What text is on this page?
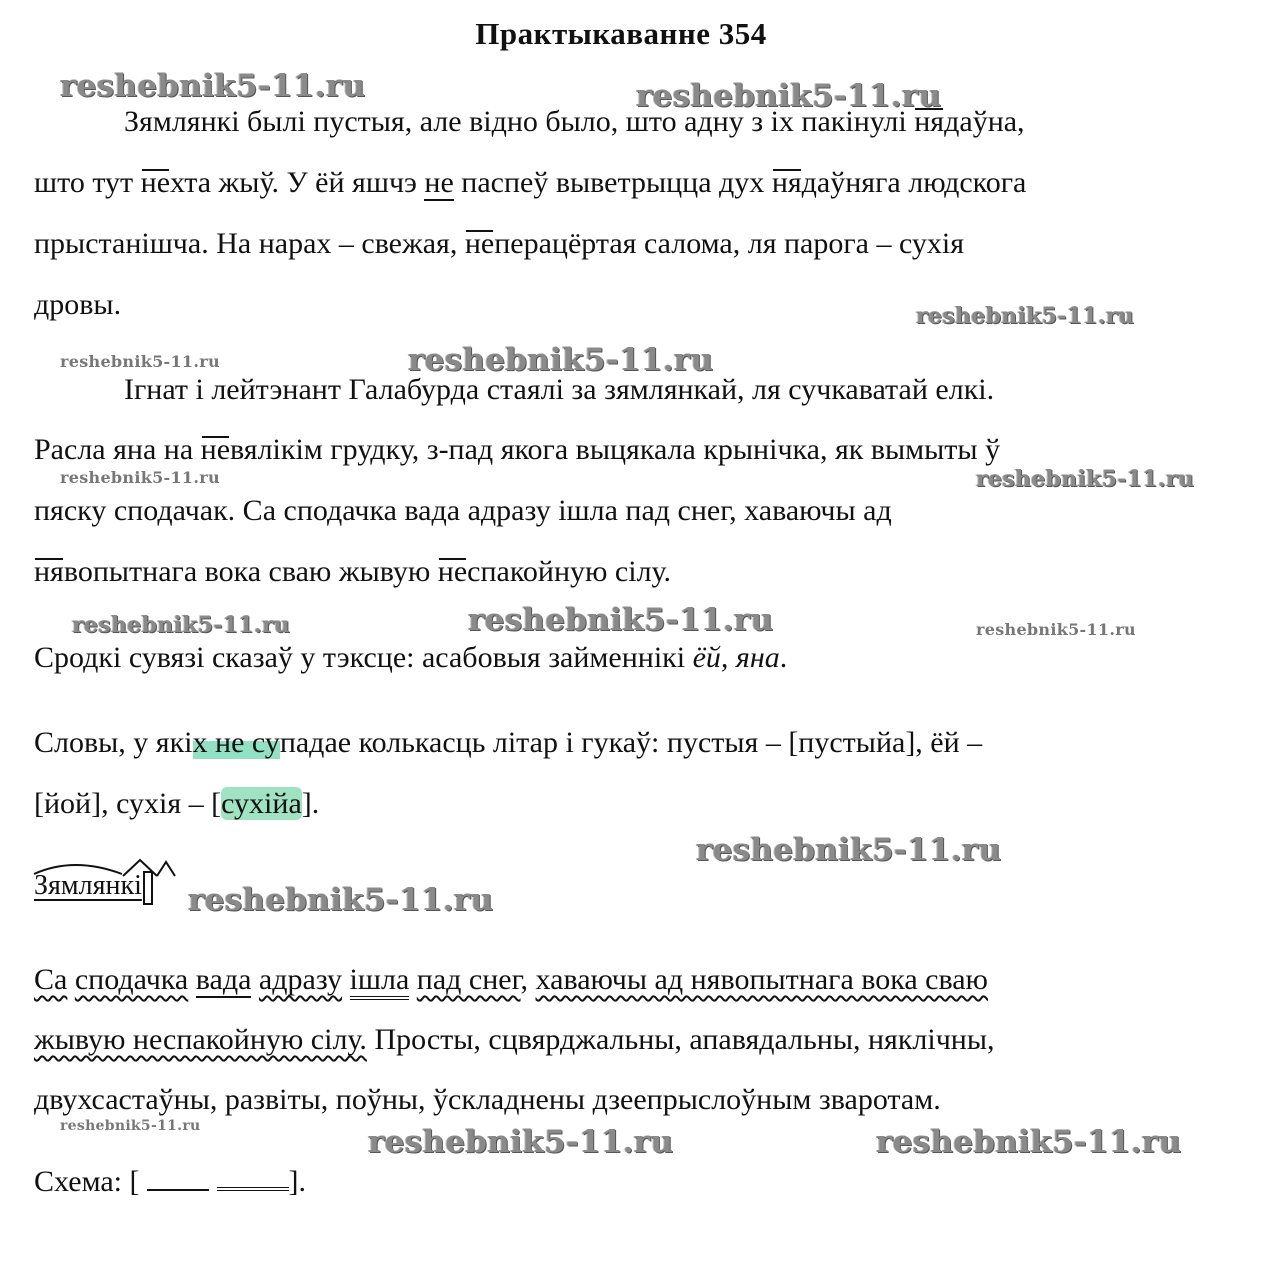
Практыкаванне 354
reshebnik5-11.ru	reshebnik5-11.ru
reshebnik5-11.ru
reshebnik5-11.ru	reshebnik5-11.ru
reshebnik5-11.ru	reshebnik5-11.ru
reshebnik5-11.ru	reshebnik5-11.ru	reshebnik5-11.ru
reshebnik5-11.ru
reshebnik5-11.ru
reshebnik5-11.ru	reshebnik5-11.ru	reshebnik5-11.ru
Зямлянкі былі пустыя, але відно было, што адну з іх пакінулі нядаўна,
што тут нехта жыў. У ёй яшчэ не паспеў выветрыцца дух нядаўняга людскога
прыстанішча. На нарах – свежая, неперацёртая салома, ля парога – сухія
дровы.
Ігнат і лейтэнант Галабурда стаялі за зямлянкай, ля сучкаватай елкі.
Расла яна на невялікім грудку, з-пад якога выцякала крынічка, як вымыты ў
пяску сподачак. Са сподачка вада адразу ішла пад снег, хаваючы ад
нявопытнага вока сваю жывую неспакойную сілу.
Сродкі сувязі сказаў у тэксце: асабовыя займеннікі ёй, яна.
Словы, у якіх не супадае колькасць літар і гукаў: пустыя – [пустыйа], ёй –
[йой], сухія – [сухійа].
Зямлянкі
Са сподачка вада адразу ішла пад снег, хаваючы ад нявопытнага вока сваю
жывую неспакойную сілу. Просты, сцвярджальны, апавядальны, няклічны,
двухсастаўны, развіты, поўны, ўскладнены дзеепрыслоўным зваротам.
Схема: [	].
